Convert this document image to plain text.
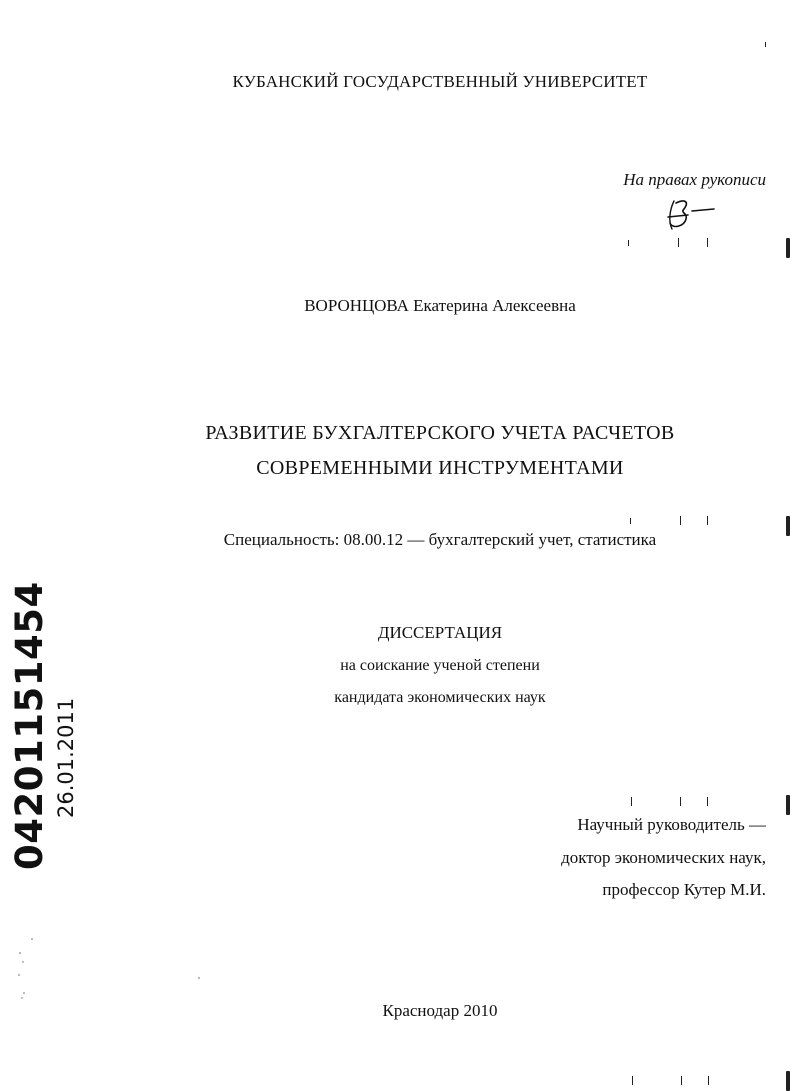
КУБАНСКИЙ ГОСУДАРСТВЕННЫЙ УНИВЕРСИТЕТ
На правах рукописи
ВОРОНЦОВА Екатерина Алексеевна
РАЗВИТИЕ БУХГАЛТЕРСКОГО УЧЕТА РАСЧЕТОВ
СОВРЕМЕННЫМИ ИНСТРУМЕНТАМИ
Специальность: 08.00.12 — бухгалтерский учет, статистика
ДИССЕРТАЦИЯ
на соискание ученой степени
кандидата экономических наук
Научный руководитель —
доктор экономических наук,
профессор Кутер М.И.
Краснодар 2010
04201151454 26.01.2011
